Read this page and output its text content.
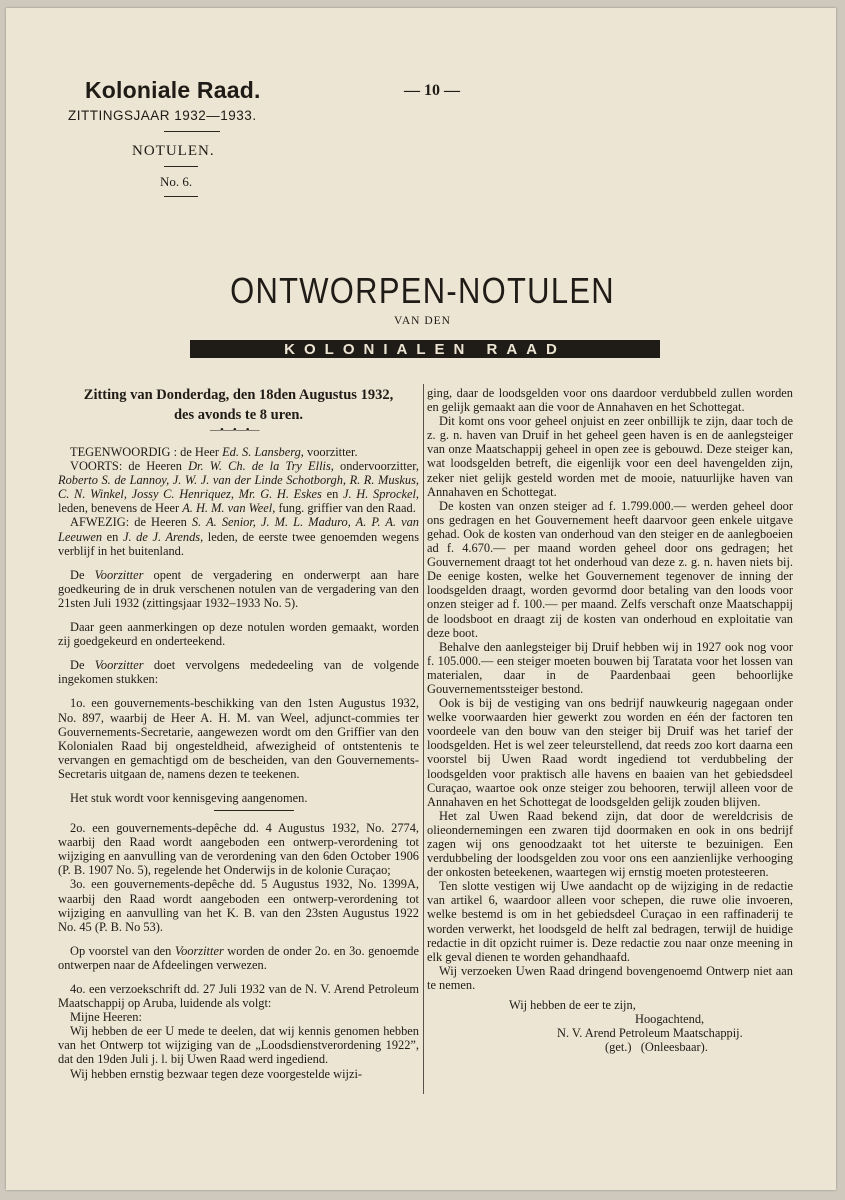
Koloniale Raad.
ZITTINGSJAAR 1932—1933.
— 10 —
NOTULEN.
No. 6.
ONTWORPEN-NOTULEN
VAN DEN
KOLONIALEN RAAD
Zitting van Donderdag, den 18den Augustus 1932,
des avonds te 8 uren.
—•—•—•—

TEGENWOORDIG : de Heer Ed. S. Lansberg, voorzitter.

VOORTS: de Heeren Dr. W. Ch. de la Try Ellis, ondervoorzitter, Roberto S. de Lannoy, J. W. J. van der Linde Schotborgh, R. R. Muskus, C. N. Winkel, Jossy C. Henriquez, Mr. G. H. Eskes en J. H. Sprockel, leden, benevens de Heer A. H. M. van Weel, fung. griffier van den Raad.

AFWEZIG: de Heeren S. A. Senior, J. M. L. Maduro, A. P. A. van Leeuwen en J. de J. Arends, leden, de eerste twee genoemden wegens verblijf in het buitenland.

De Voorzitter opent de vergadering en onderwerpt aan hare goedkeuring de in druk verschenen notulen van de vergadering van den 21sten Juli 1932 (zittingsjaar 1932–1933 No. 5).

Daar geen aanmerkingen op deze notulen worden gemaakt, worden zij goedgekeurd en onderteekend.

De Voorzitter doet vervolgens mededeeling van de volgende ingekomen stukken:

1o. een gouvernements-beschikking van den 1sten Augustus 1932, No. 897, waarbij de Heer A. H. M. van Weel, adjunct-commies ter Gouvernements-Secretarie, aangewezen wordt om den Griffier van den Kolonialen Raad bij ongesteldheid, afwezigheid of ontstentenis te vervangen en gemachtigd om de bescheiden, van den Gouvernements-Secretaris uitgaan de, namens dezen te teekenen.

Het stuk wordt voor kennisgeving aangenomen.

2o. een gouvernements-depêche dd. 4 Augustus 1932, No. 2774, waarbij den Raad wordt aangeboden een ontwerp-verordening tot wijziging en aanvulling van de verordening van den 6den October 1906 (P. B. 1907 No. 5), regelende het Onderwijs in de kolonie Curaçao;

3o. een gouvernements-depêche dd. 5 Augustus 1932, No. 1399A, waarbij den Raad wordt aangeboden een ontwerp-verordening tot wijziging en aanvulling van het K. B. van den 23sten Augustus 1922 No. 45 (P. B. No 53).

Op voorstel van den Voorzitter worden de onder 2o. en 3o. genoemde ontwerpen naar de Afdeelingen verwezen.

4o. een verzoekschrift dd. 27 Juli 1932 van de N. V. Arend Petroleum Maatschappij op Aruba, luidende als volgt:

Mijne Heeren:

Wij hebben de eer U mede te deelen, dat wij kennis genomen hebben van het Ontwerp tot wijziging van de „Loodsdienstverordening 1922”, dat den 19den Juli j. l. bij Uwen Raad werd ingediend.

Wij hebben ernstig bezwaar tegen deze voorgestelde wijzi-

ging, daar de loodsgelden voor ons daardoor verdubbeld zullen worden en gelijk gemaakt aan die voor de Annahaven en het Schottegat.

Dit komt ons voor geheel onjuist en zeer onbillijk te zijn, daar toch de z. g. n. haven van Druif in het geheel geen haven is en de aanlegsteiger van onze Maatschappij geheel in open zee is gebouwd. Deze steiger kan, wat loodsgelden betreft, die eigenlijk voor een deel havengelden zijn, zeker niet gelijk gesteld worden met de mooie, natuurlijke haven van Annahaven en Schottegat.

De kosten van onzen steiger ad f. 1.799.000.— werden geheel door ons gedragen en het Gouvernement heeft daarvoor geen enkele uitgave gehad. Ook de kosten van onderhoud van den steiger en de aanlegboeien ad f. 4.670.— per maand worden geheel door ons gedragen; het Gouvernement draagt tot het onderhoud van deze z. g. n. haven niets bij. De eenige kosten, welke het Gouvernement tegenover de inning der loodsgelden draagt, worden gevormd door betaling van den loods voor onzen steiger ad f. 100.— per maand. Zelfs verschaft onze Maatschappij de loodsboot en draagt zij de kosten van onderhoud en exploitatie van deze boot.

Behalve den aanlegsteiger bij Druif hebben wij in 1927 ook nog voor f. 105.000.— een steiger moeten bouwen bij Taratata voor het lossen van materialen, daar in de Paardenbaai geen behoorlijke Gouvernementssteiger bestond.

Ook is bij de vestiging van ons bedrijf nauwkeurig nagegaan onder welke voorwaarden hier gewerkt zou worden en één der factoren ten voordeele van den bouw van den steiger bij Druif was het tarief der loodsgelden. Het is wel zeer teleurstellend, dat reeds zoo kort daarna een voorstel bij Uwen Raad wordt ingediend tot verdubbeling der loodsgelden voor praktisch alle havens en baaien van het gebiedsdeel Curaçao, waartoe ook onze steiger zou behooren, terwijl alleen voor de Annahaven en het Schottegat de loodsgelden gelijk zouden blijven.

Het zal Uwen Raad bekend zijn, dat door de wereldcrisis de olieondernemingen een zwaren tijd doormaken en ook in ons bedrijf zagen wij ons genoodzaakt tot het uiterste te bezuinigen. Een verdubbeling der loodsgelden zou voor ons een aanzienlijke verhooging der onkosten beteekenen, waartegen wij ernstig moeten protesteeren.

Ten slotte vestigen wij Uwe aandacht op de wijziging in de redactie van artikel 6, waardoor alleen voor schepen, die ruwe olie invoeren, welke bestemd is om in het gebiedsdeel Curaçao in een raffinaderij te worden verwerkt, het loodsgeld de helft zal bedragen, terwijl de huidige redactie in dit opzicht ruimer is. Deze redactie zou naar onze meening in elk geval dienen te worden gehandhaafd.

Wij verzoeken Uwen Raad dringend bovengenoemd Ontwerp niet aan te nemen.

Wij hebben de eer te zijn,

Hoogachtend,

N. V. Arend Petroleum Maatschappij.

(get.)   (Onleesbaar).
